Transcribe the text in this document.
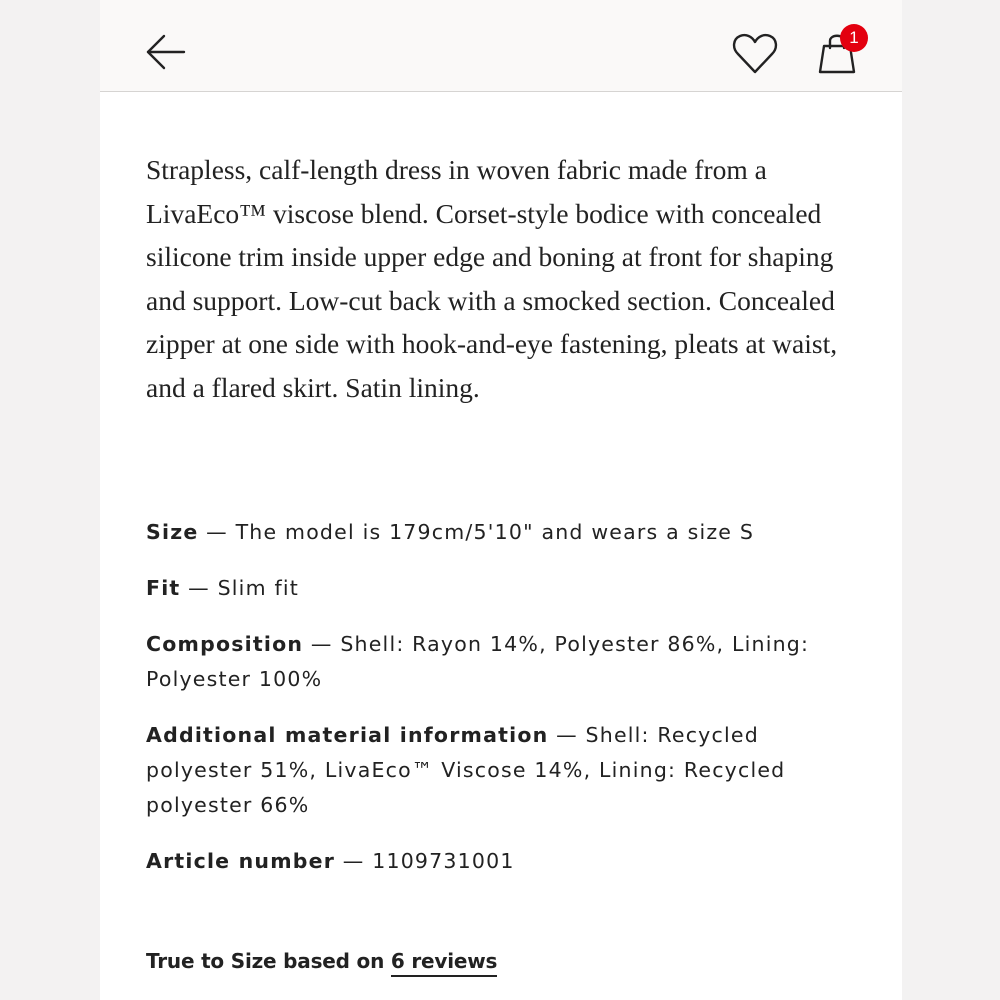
1

Strapless, calf-length dress in woven fabric made from a LivaEco™ viscose blend. Corset-style bodice with concealed silicone trim inside upper edge and boning at front for shaping and support. Low-cut back with a smocked section. Concealed zipper at one side with hook-and-eye fastening, pleats at waist, and a flared skirt. Satin lining.

Size — The model is 179cm/5'10" and wears a size S
Fit — Slim fit
Composition — Shell: Rayon 14%, Polyester 86%, Lining: Polyester 100%
Additional material information — Shell: Recycled polyester 51%, LivaEco™ Viscose 14%, Lining: Recycled polyester 66%
Article number — 1109731001
True to Size based on 6 reviews
